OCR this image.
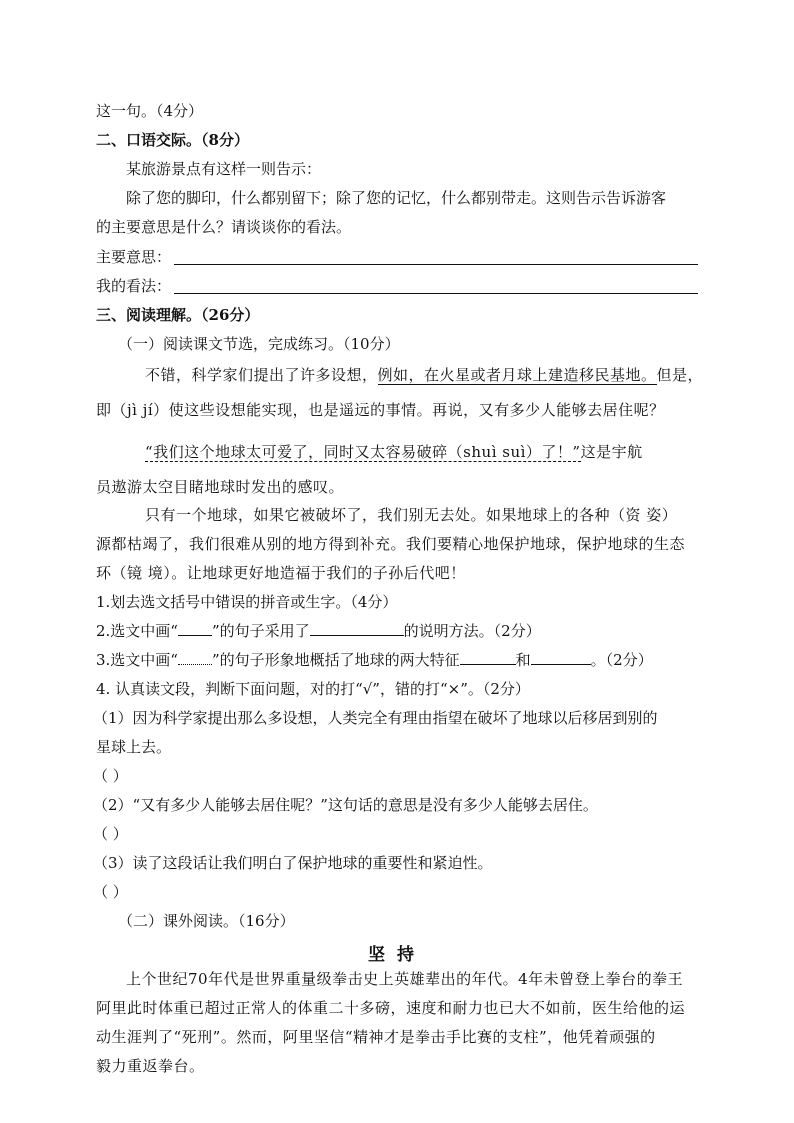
这一句。（4分）
二、口语交际。（8分）
某旅游景点有这样一则告示：
除了您的脚印，什么都别留下；除了您的记忆，什么都别带走。这则告示告诉游客
的主要意思是什么？请谈谈你的看法。
主要意思：
我的看法：
三、阅读理解。（26分）
（一）阅读课文节选，完成练习。（10分）
不错，科学家们提出了许多设想，例如，在火星或者月球上建造移民基地。但是，
即（jì jí）使这些设想能实现，也是遥远的事情。再说，又有多少人能够去居住呢？
“我们这个地球太可爱了，同时又太容易破碎（shuì suì）了！”这是宇航
员遨游太空目睹地球时发出的感叹。
只有一个地球，如果它被破坏了，我们别无去处。如果地球上的各种（资 姿）
源都枯竭了，我们很难从别的地方得到补充。我们要精心地保护地球，保护地球的生态
环（镜 境）。让地球更好地造福于我们的子孙后代吧！
1.划去选文括号中错误的拼音或生字。（4分）
2.选文中画“ ”的句子采用了	的说明方法。（2分）
3.选文中画“ ”的句子形象地概括了地球的两大特征	和	。（2分）
4. 认真读文段，判断下面问题，对的打“√”，错的打“×”。（2分）
（1）因为科学家提出那么多设想，人类完全有理由指望在破坏了地球以后移居到别的
星球上去。
（ ）
（2）“又有多少人能够去居住呢？”这句话的意思是没有多少人能够去居住。
（ ）
（3）读了这段话让我们明白了保护地球的重要性和紧迫性。
（ ）
（二）课外阅读。（16分）
坚持
上个世纪70年代是世界重量级拳击史上英雄辈出的年代。4年未曾登上拳台的拳王
阿里此时体重已超过正常人的体重二十多磅，速度和耐力也已大不如前，医生给他的运
动生涯判了“死刑”。然而，阿里坚信“精神才是拳击手比赛的支柱”，他凭着顽强的
毅力重返拳台。
